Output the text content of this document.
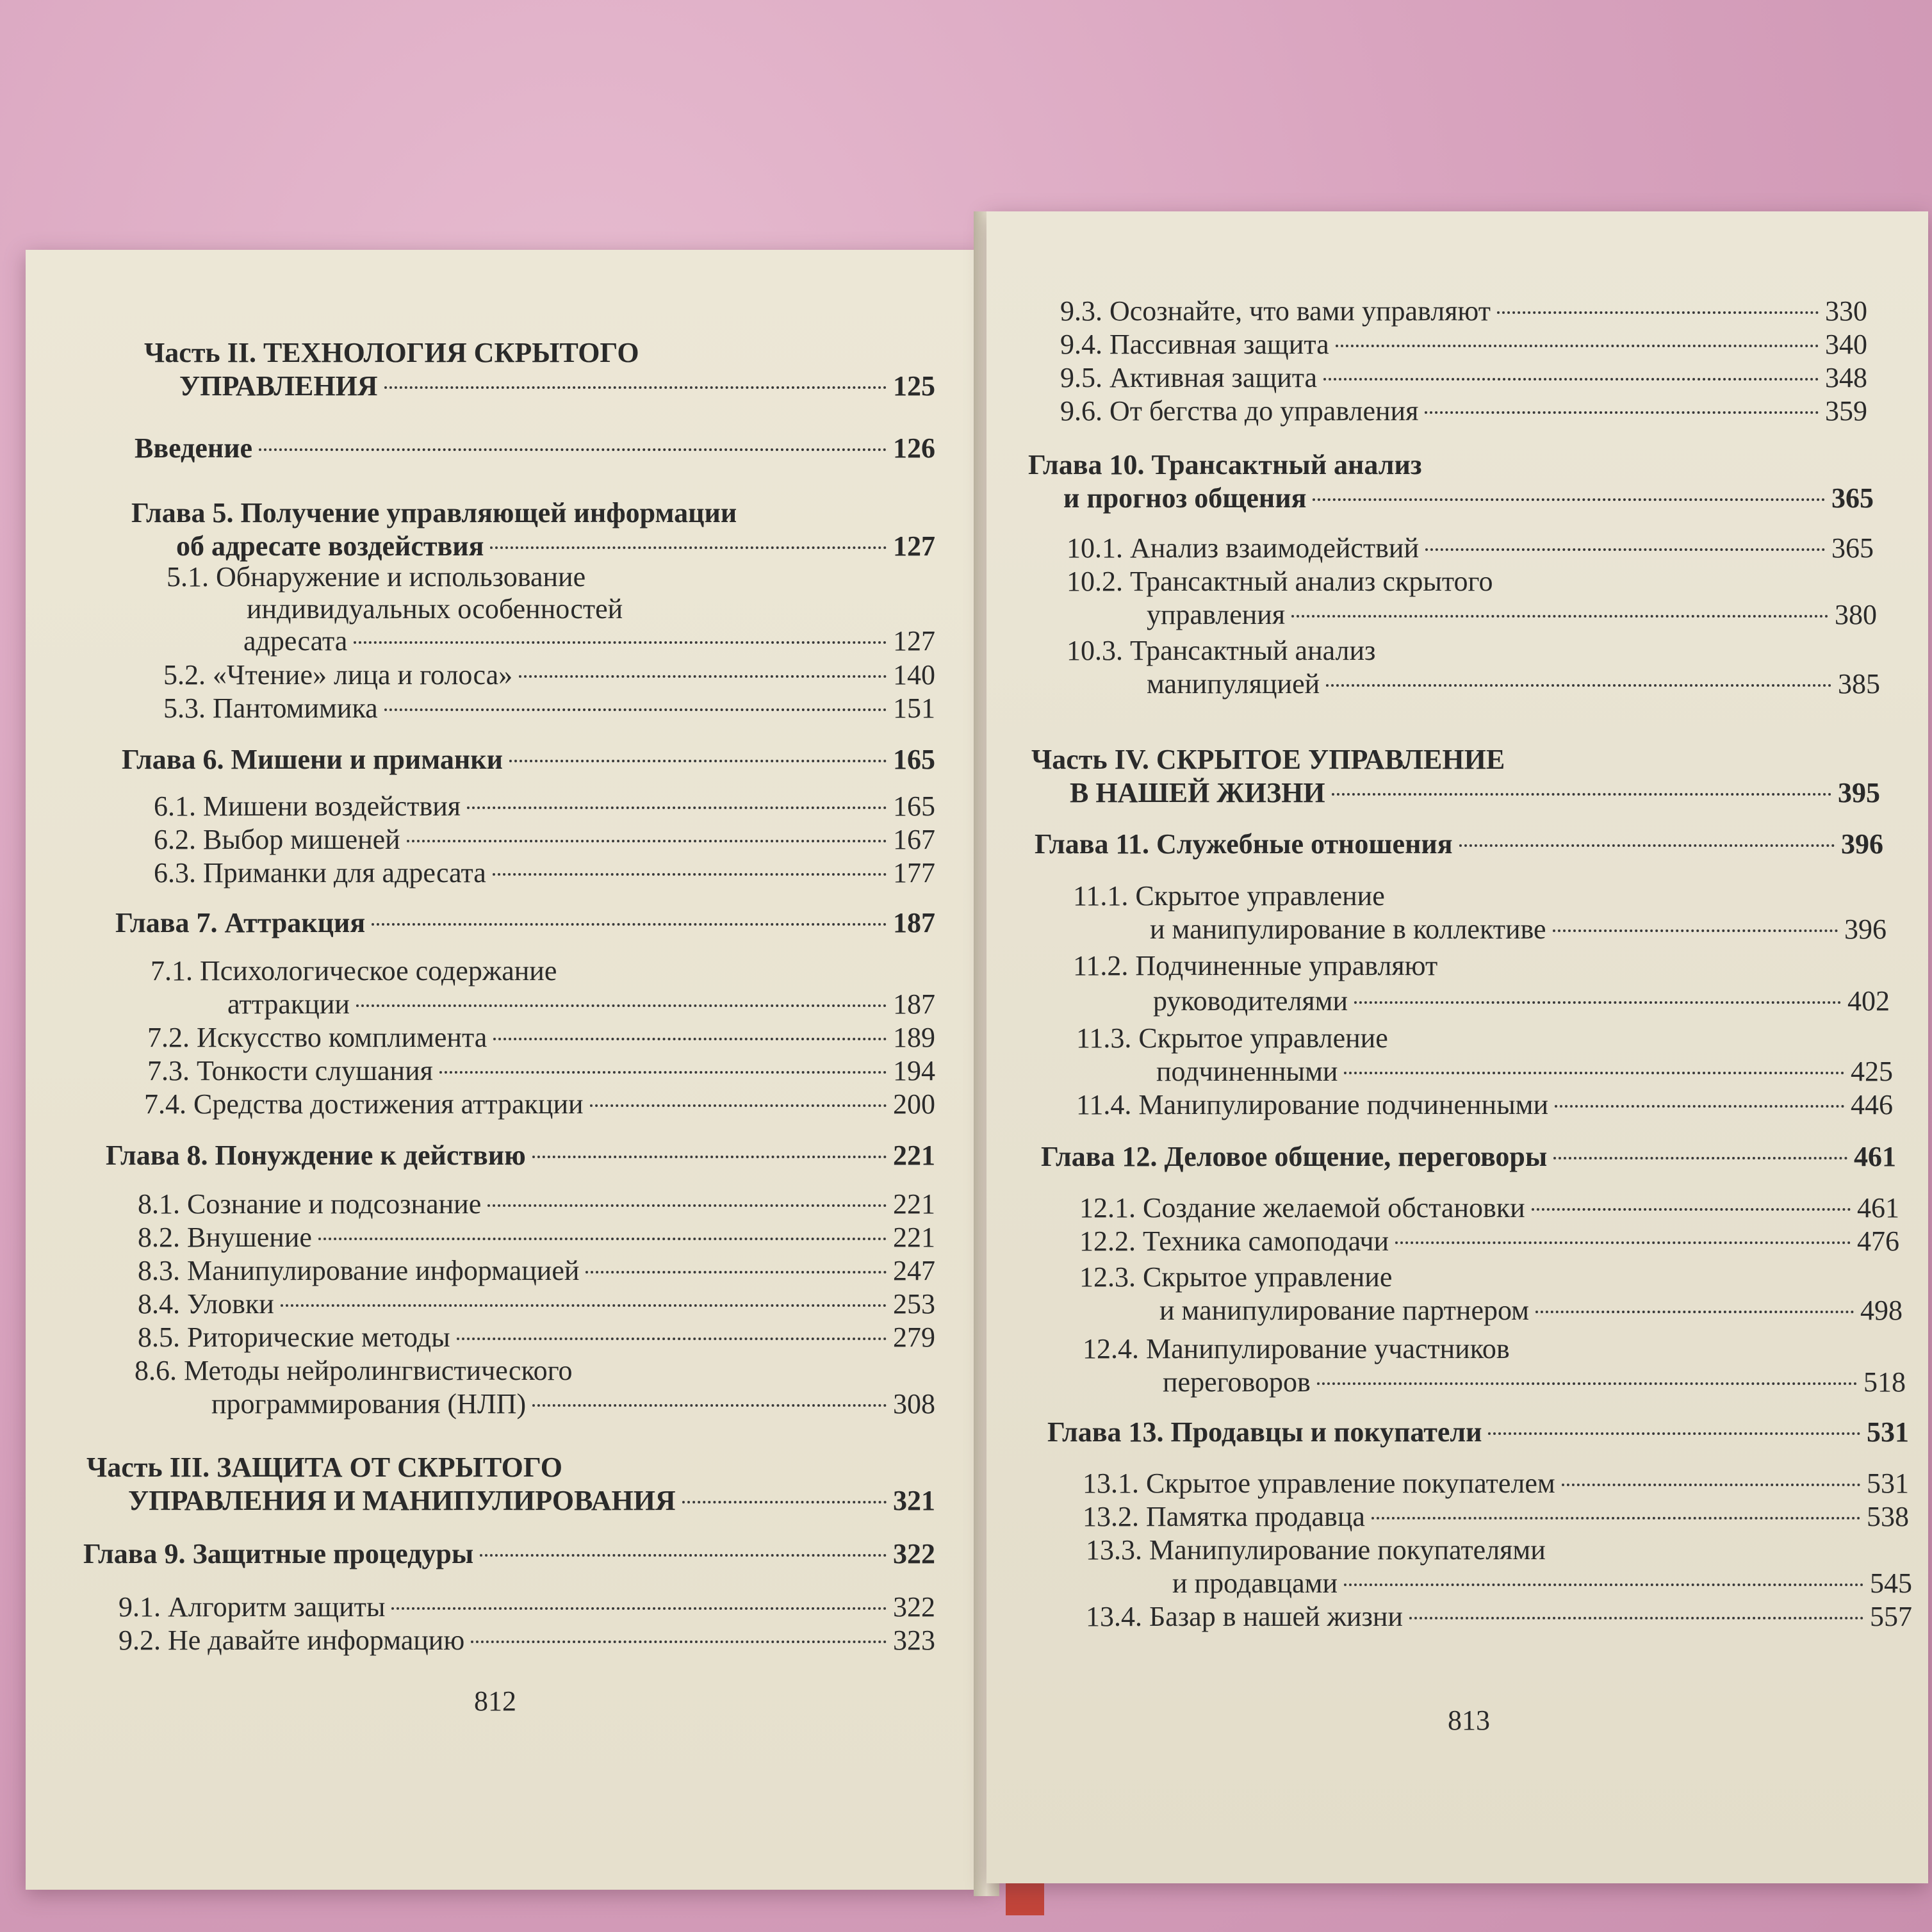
Часть II. ТЕХНОЛОГИЯ СКРЫТОГО
УПРАВЛЕНИЯ	125
Введение	126
Глава 5. Получение управляющей информации
об адресате воздействия	127
5.1. Обнаружение и использование
индивидуальных особенностей
адресата	127
5.2. «Чтение» лица и голоса»	140
5.3. Пантомимика	151
Глава 6. Мишени и приманки	165
6.1. Мишени воздействия	165
6.2. Выбор мишеней	167
6.3. Приманки для адресата	177
Глава 7. Аттракция	187
7.1. Психологическое содержание
аттракции	187
7.2. Искусство комплимента	189
7.3. Тонкости слушания	194
7.4. Средства достижения аттракции	200
Глава 8. Понуждение к действию	221
8.1. Сознание и подсознание	221
8.2. Внушение	221
8.3. Манипулирование информацией	247
8.4. Уловки	253
8.5. Риторические методы	279
8.6. Методы нейролингвистического
программирования (НЛП)	308
Часть III. ЗАЩИТА ОТ СКРЫТОГО
УПРАВЛЕНИЯ И МАНИПУЛИРОВАНИЯ	321
Глава 9. Защитные процедуры	322
9.1. Алгоритм защиты	322
9.2. Не давайте информацию	323
812
9.3. Осознайте, что вами управляют	330
9.4. Пассивная защита	340
9.5. Активная защита	348
9.6. От бегства до управления	359
Глава 10. Трансактный анализ
и прогноз общения	365
10.1. Анализ взаимодействий	365
10.2. Трансактный анализ скрытого
управления	380
10.3. Трансактный анализ
манипуляцией	385
Часть IV. СКРЫТОЕ УПРАВЛЕНИЕ
В НАШЕЙ ЖИЗНИ	395
Глава 11. Служебные отношения	396
11.1. Скрытое управление
и манипулирование в коллективе	396
11.2. Подчиненные управляют
руководителями	402
11.3. Скрытое управление
подчиненными	425
11.4. Манипулирование подчиненными	446
Глава 12. Деловое общение, переговоры	461
12.1. Создание желаемой обстановки	461
12.2. Техника самоподачи	476
12.3. Скрытое управление
и манипулирование партнером	498
12.4. Манипулирование участников
переговоров	518
Глава 13. Продавцы и покупатели	531
13.1. Скрытое управление покупателем	531
13.2. Памятка продавца	538
13.3. Манипулирование покупателями
и продавцами	545
13.4. Базар в нашей жизни	557
813
